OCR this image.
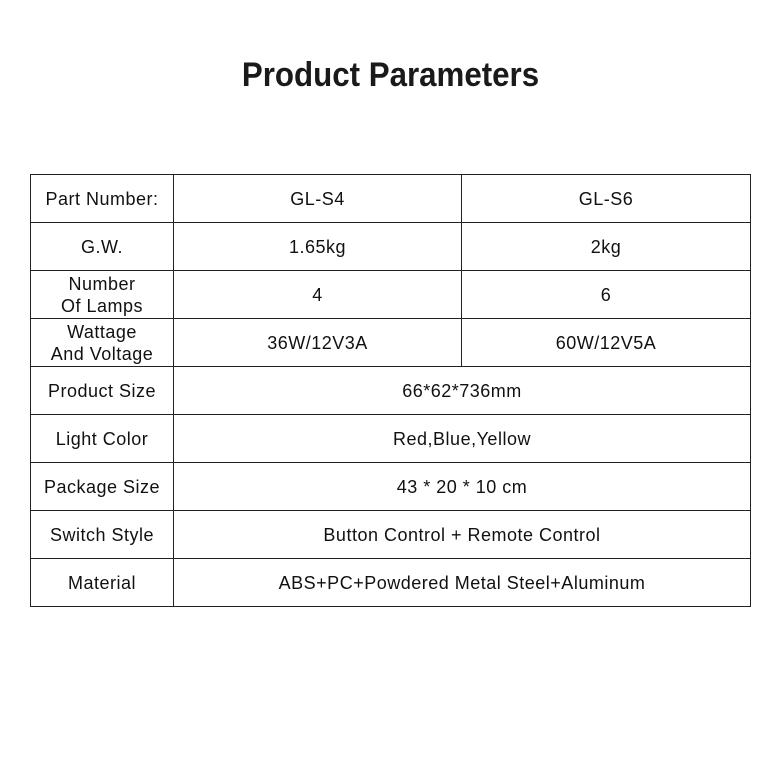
Product Parameters
Part Number:	GL-S4	GL-S6
G.W.	1.65kg	2kg
Number
Of Lamps	4	6
Wattage
And Voltage	36W/12V3A	60W/12V5A
Product Size	66*62*736mm	
Light Color	Red,Blue,Yellow	
Package Size	43 * 20 * 10 cm	
Switch Style	Button Control + Remote Control	
Material	ABS+PC+Powdered Metal Steel+Aluminum	
